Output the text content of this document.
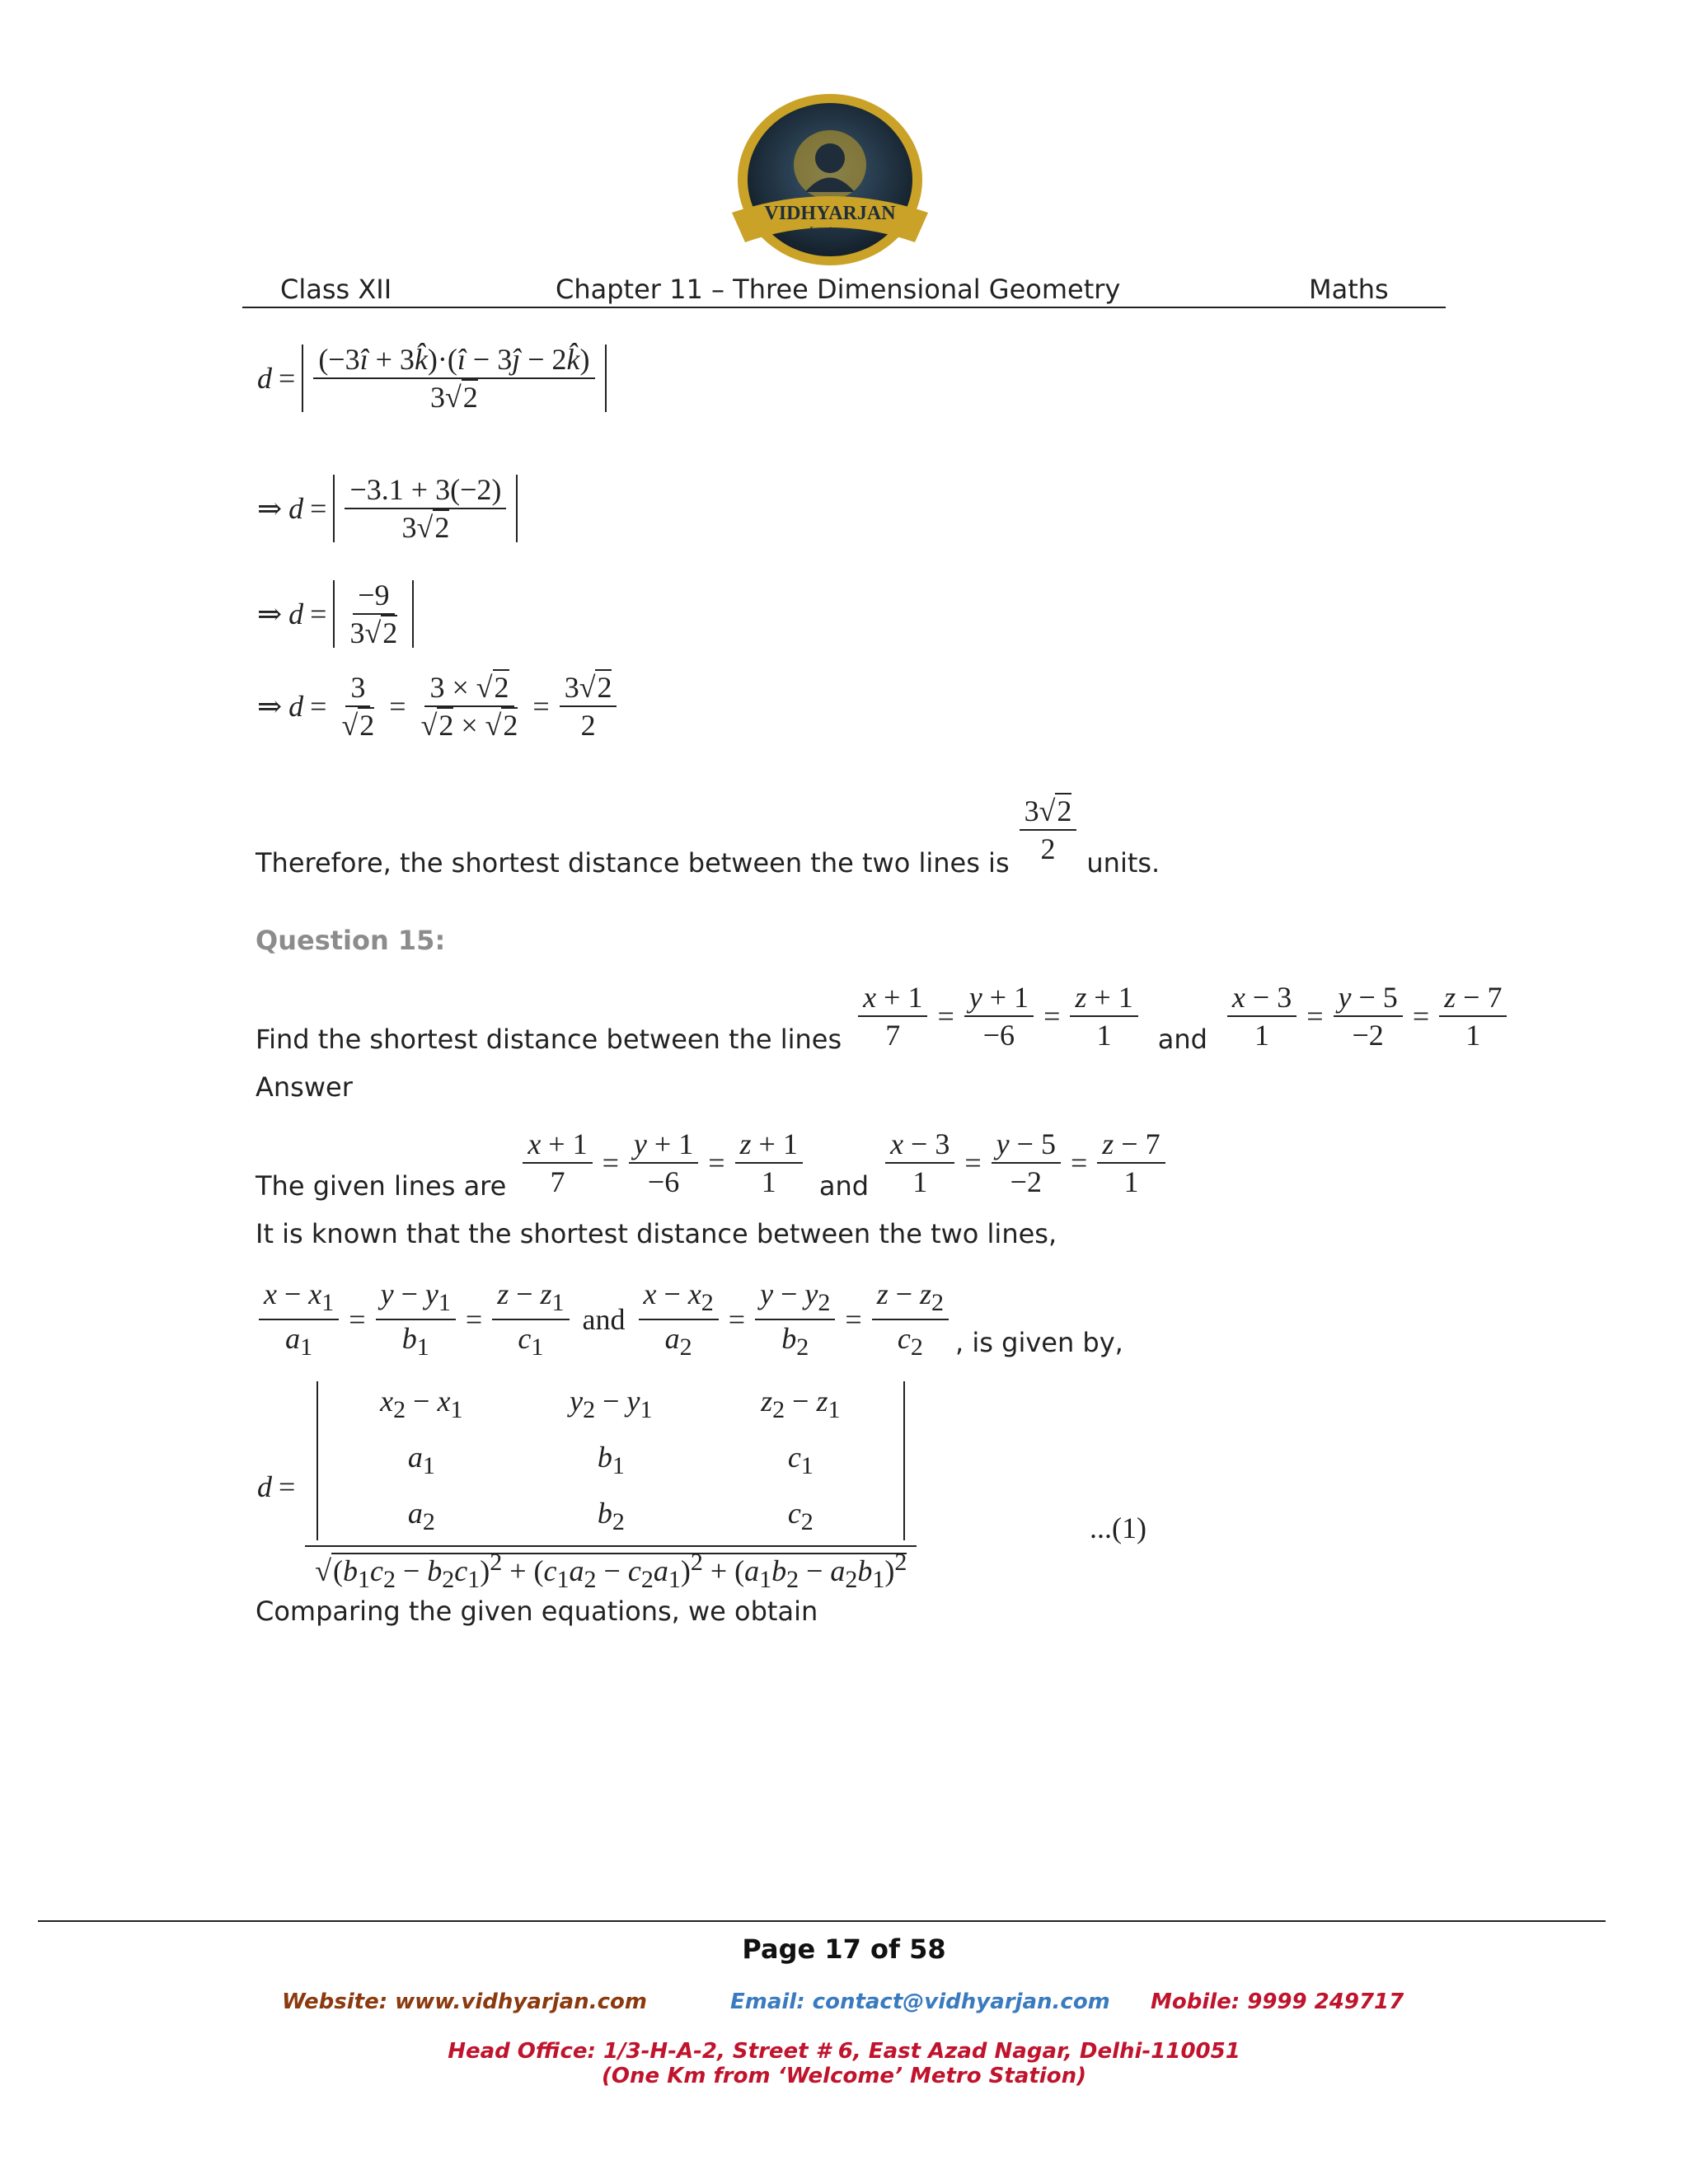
VIDHYARJAN
Institute
Class XII	Chapter 11 – Three Dimensional Geometry	Maths
$d = \frac{(-3î + 3k̂)\cdot(î - 3ĵ - 2k̂)}{3√2}$
⇒ $d = \frac{-3.1 + 3(-2)}{3√2}$
⇒ $d = \frac{-9}{3√2}$
⇒ $d = \frac{3}{√2} = \frac{3 \times √2}{√2 \times √2} = \frac{3√2}{2}$
Therefore, the shortest distance between the two lines is $\frac{3√2}{2}$ units.
Question 15:
Find the shortest distance between the lines $\frac{x + 1}{7} = \frac{y + 1}{-6} = \frac{z + 1}{1}$ and $\frac{x - 3}{1} = \frac{y - 5}{-2} = \frac{z - 7}{1}$
Answer
The given lines are $\frac{x + 1}{7} = \frac{y + 1}{-6} = \frac{z + 1}{1}$ and $\frac{x - 3}{1} = \frac{y - 5}{-2} = \frac{z - 7}{1}$
It is known that the shortest distance between the two lines,
$\frac{x - x_1}{a_1} = \frac{y - y_1}{b_1} = \frac{z - z_1}{c_1}$ and $\frac{x - x_2}{a_2} = \frac{y - y_2}{b_2} = \frac{z - z_2}{c_2}$ , is given by,
$d = x_2 - x_1$	$y_2 - y_1$	$z_2 - z_1$
$a_1$	$b_1$	$c_1$
$a_2$	$b_2$	$c_2$
$√(b_1c_2 - b_2c_1)^2 + (c_1a_2 - c_2a_1)^2 + (a_1b_2 - a_2b_1)^2$	...(1)
Comparing the given equations, we obtain
Page 17 of 58
Website: www.vidhyarjan.com	Email: contact@vidhyarjan.com Mobile: 9999 249717
Head Office: 1/3-H-A-2, Street # 6, East Azad Nagar, Delhi-110051
(One Km from ‘Welcome’ Metro Station)
